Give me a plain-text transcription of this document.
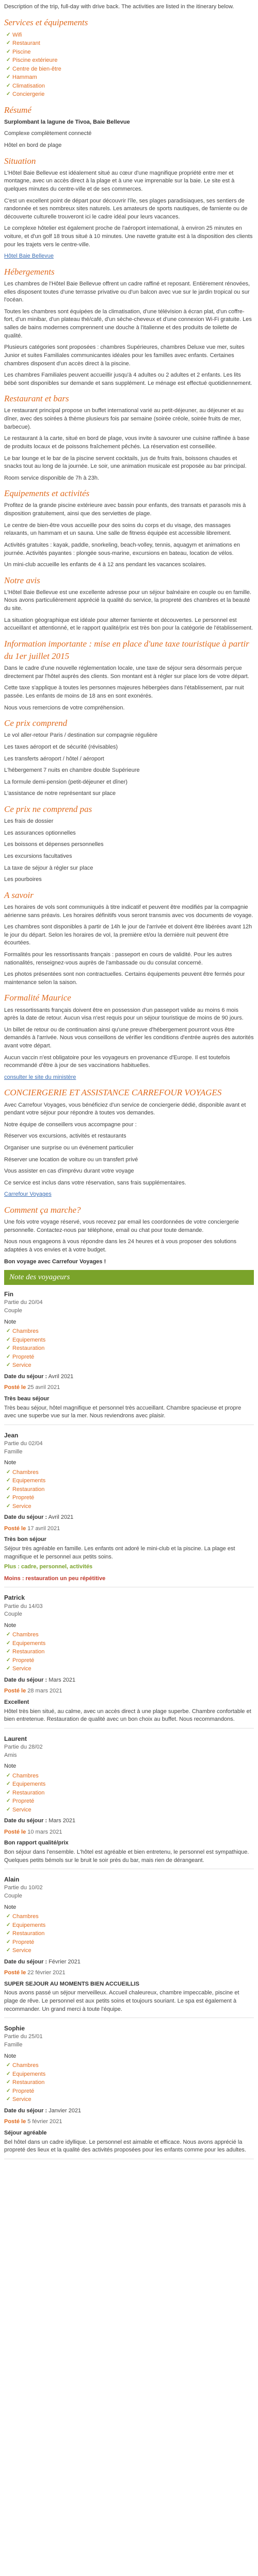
Description of the trip, full-day with drive back. The activities are listed in the itinerary below.

Services et équipements
✓ Wifi
✓ Restaurant
✓ Piscine
✓ Piscine extérieure
✓ Centre de bien-être
✓ Hammam
✓ Climatisation
✓ Conciergerie
Résumé

Surplombant la lagune de Tivoa, Baie Bellevue

Complexe complètement connecté

Hôtel en bord de plage

Situation

L'Hôtel Baie Bellevue est idéalement situé au cœur d'une magnifique propriété entre mer et montagne, avec un accès direct à la plage et à une vue imprenable sur la baie. Le site est à quelques minutes du centre-ville et de ses commerces.

C'est un excellent point de départ pour découvrir l'île, ses plages paradisiaques, ses sentiers de randonnée et ses nombreux sites naturels. Les amateurs de sports nautiques, de farniente ou de découverte culturelle trouveront ici le cadre idéal pour leurs vacances.

Le complexe hôtelier est également proche de l'aéroport international, à environ 25 minutes en voiture, et d'un golf 18 trous situé à 10 minutes. Une navette gratuite est à la disposition des clients pour les trajets vers le centre-ville.

Hôtel Baie Bellevue

Hébergements

Les chambres de l'Hôtel Baie Bellevue offrent un cadre raffiné et reposant. Entièrement rénovées, elles disposent toutes d'une terrasse privative ou d'un balcon avec vue sur le jardin tropical ou sur l'océan.

Toutes les chambres sont équipées de la climatisation, d'une télévision à écran plat, d'un coffre-fort, d'un minibar, d'un plateau thé/café, d'un sèche-cheveux et d'une connexion Wi-Fi gratuite. Les salles de bains modernes comprennent une douche à l'italienne et des produits de toilette de qualité.

Plusieurs catégories sont proposées : chambres Supérieures, chambres Deluxe vue mer, suites Junior et suites Familiales communicantes idéales pour les familles avec enfants. Certaines chambres disposent d'un accès direct à la piscine.

Les chambres Familiales peuvent accueillir jusqu'à 4 adultes ou 2 adultes et 2 enfants. Les lits bébé sont disponibles sur demande et sans supplément. Le ménage est effectué quotidiennement.

Restaurant et bars

Le restaurant principal propose un buffet international varié au petit-déjeuner, au déjeuner et au dîner, avec des soirées à thème plusieurs fois par semaine (soirée créole, soirée fruits de mer, barbecue).

Le restaurant à la carte, situé en bord de plage, vous invite à savourer une cuisine raffinée à base de produits locaux et de poissons fraîchement pêchés. La réservation est conseillée.

Le bar lounge et le bar de la piscine servent cocktails, jus de fruits frais, boissons chaudes et snacks tout au long de la journée. Le soir, une animation musicale est proposée au bar principal.

Room service disponible de 7h à 23h.

Equipements et activités

Profitez de la grande piscine extérieure avec bassin pour enfants, des transats et parasols mis à disposition gratuitement, ainsi que des serviettes de plage.

Le centre de bien-être vous accueille pour des soins du corps et du visage, des massages relaxants, un hammam et un sauna. Une salle de fitness équipée est accessible librement.

Activités gratuites : kayak, paddle, snorkeling, beach-volley, tennis, aquagym et animations en journée. Activités payantes : plongée sous-marine, excursions en bateau, location de vélos.

Un mini-club accueille les enfants de 4 à 12 ans pendant les vacances scolaires.

Notre avis

L'Hôtel Baie Bellevue est une excellente adresse pour un séjour balnéaire en couple ou en famille. Nous avons particulièrement apprécié la qualité du service, la propreté des chambres et la beauté du site.

La situation géographique est idéale pour alterner farniente et découvertes. Le personnel est accueillant et attentionné, et le rapport qualité/prix est très bon pour la catégorie de l'établissement.

Information importante : mise en place d'une taxe touristique à partir du 1er juillet 2015

Dans le cadre d'une nouvelle réglementation locale, une taxe de séjour sera désormais perçue directement par l'hôtel auprès des clients. Son montant est à régler sur place lors de votre départ.

Cette taxe s'applique à toutes les personnes majeures hébergées dans l'établissement, par nuit passée. Les enfants de moins de 18 ans en sont exonérés.

Nous vous remercions de votre compréhension.

Ce prix comprend

Le vol aller-retour Paris / destination sur compagnie régulière

Les taxes aéroport et de sécurité (révisables)

Les transferts aéroport / hôtel / aéroport

L'hébergement 7 nuits en chambre double Supérieure

La formule demi-pension (petit-déjeuner et dîner)

L'assistance de notre représentant sur place

Ce prix ne comprend pas

Les frais de dossier

Les assurances optionnelles

Les boissons et dépenses personnelles

Les excursions facultatives

La taxe de séjour à régler sur place

Les pourboires

A savoir

Les horaires de vols sont communiqués à titre indicatif et peuvent être modifiés par la compagnie aérienne sans préavis. Les horaires définitifs vous seront transmis avec vos documents de voyage.

Les chambres sont disponibles à partir de 14h le jour de l'arrivée et doivent être libérées avant 12h le jour du départ. Selon les horaires de vol, la première et/ou la dernière nuit peuvent être écourtées.

Formalités pour les ressortissants français : passeport en cours de validité. Pour les autres nationalités, renseignez-vous auprès de l'ambassade ou du consulat concerné.

Les photos présentées sont non contractuelles. Certains équipements peuvent être fermés pour maintenance selon la saison.

Formalité Maurice

Les ressortissants français doivent être en possession d'un passeport valide au moins 6 mois après la date de retour. Aucun visa n'est requis pour un séjour touristique de moins de 90 jours.

Un billet de retour ou de continuation ainsi qu'une preuve d'hébergement pourront vous être demandés à l'arrivée. Nous vous conseillons de vérifier les conditions d'entrée auprès des autorités avant votre départ.

Aucun vaccin n'est obligatoire pour les voyageurs en provenance d'Europe. Il est toutefois recommandé d'être à jour de ses vaccinations habituelles.

consulter le site du ministère

CONCIERGERIE ET ASSISTANCE CARREFOUR VOYAGES

Avec Carrefour Voyages, vous bénéficiez d'un service de conciergerie dédié, disponible avant et pendant votre séjour pour répondre à toutes vos demandes.

Notre équipe de conseillers vous accompagne pour :

Réserver vos excursions, activités et restaurants

Organiser une surprise ou un événement particulier

Réserver une location de voiture ou un transfert privé

Vous assister en cas d'imprévu durant votre voyage

Ce service est inclus dans votre réservation, sans frais supplémentaires.

Carrefour Voyages

Comment ça marche?

Une fois votre voyage réservé, vous recevez par email les coordonnées de votre conciergerie personnelle. Contactez-nous par téléphone, email ou chat pour toute demande.

Nous nous engageons à vous répondre dans les 24 heures et à vous proposer des solutions adaptées à vos envies et à votre budget.

Bon voyage avec Carrefour Voyages !

Note des voyageurs

Fin

Partie du 20/04

Couple

Note

✓ Chambres
✓ Equipements
✓ Restauration
✓ Propreté
✓ Service

Date du séjour : Avril 2021

Posté le 25 avril 2021

Très beau séjour

Très beau séjour, hôtel magnifique et personnel très accueillant. Chambre spacieuse et propre avec une superbe vue sur la mer. Nous reviendrons avec plaisir.

Jean

Partie du 02/04

Famille

Note

✓ Chambres
✓ Equipements
✓ Restauration
✓ Propreté
✓ Service

Date du séjour : Avril 2021

Posté le 17 avril 2021

Très bon séjour

Séjour très agréable en famille. Les enfants ont adoré le mini-club et la piscine. La plage est magnifique et le personnel aux petits soins.

Plus : cadre, personnel, activités

Moins : restauration un peu répétitive

Patrick

Partie du 14/03

Couple

Note

✓ Chambres
✓ Equipements
✓ Restauration
✓ Propreté
✓ Service

Date du séjour : Mars 2021

Posté le 28 mars 2021

Excellent

Hôtel très bien situé, au calme, avec un accès direct à une plage superbe. Chambre confortable et bien entretenue. Restauration de qualité avec un bon choix au buffet. Nous recommandons.

Laurent

Partie du 28/02

Amis

Note

✓ Chambres
✓ Equipements
✓ Restauration
✓ Propreté
✓ Service

Date du séjour : Mars 2021

Posté le 10 mars 2021

Bon rapport qualité/prix

Bon séjour dans l'ensemble. L'hôtel est agréable et bien entretenu, le personnel est sympathique. Quelques petits bémols sur le bruit le soir près du bar, mais rien de dérangeant.

Alain

Partie du 10/02

Couple

Note

✓ Chambres
✓ Equipements
✓ Restauration
✓ Propreté
✓ Service

Date du séjour : Février 2021

Posté le 22 février 2021

SUPER SEJOUR AU MOMENTS BIEN ACCUEILLIS

Nous avons passé un séjour merveilleux. Accueil chaleureux, chambre impeccable, piscine et plage de rêve. Le personnel est aux petits soins et toujours souriant. Le spa est également à recommander. Un grand merci à toute l'équipe.

Sophie

Partie du 25/01

Famille

Note

✓ Chambres
✓ Equipements
✓ Restauration
✓ Propreté
✓ Service

Date du séjour : Janvier 2021

Posté le 5 février 2021

Séjour agréable

Bel hôtel dans un cadre idyllique. Le personnel est aimable et efficace. Nous avons apprécié la propreté des lieux et la qualité des activités proposées pour les enfants comme pour les adultes.
